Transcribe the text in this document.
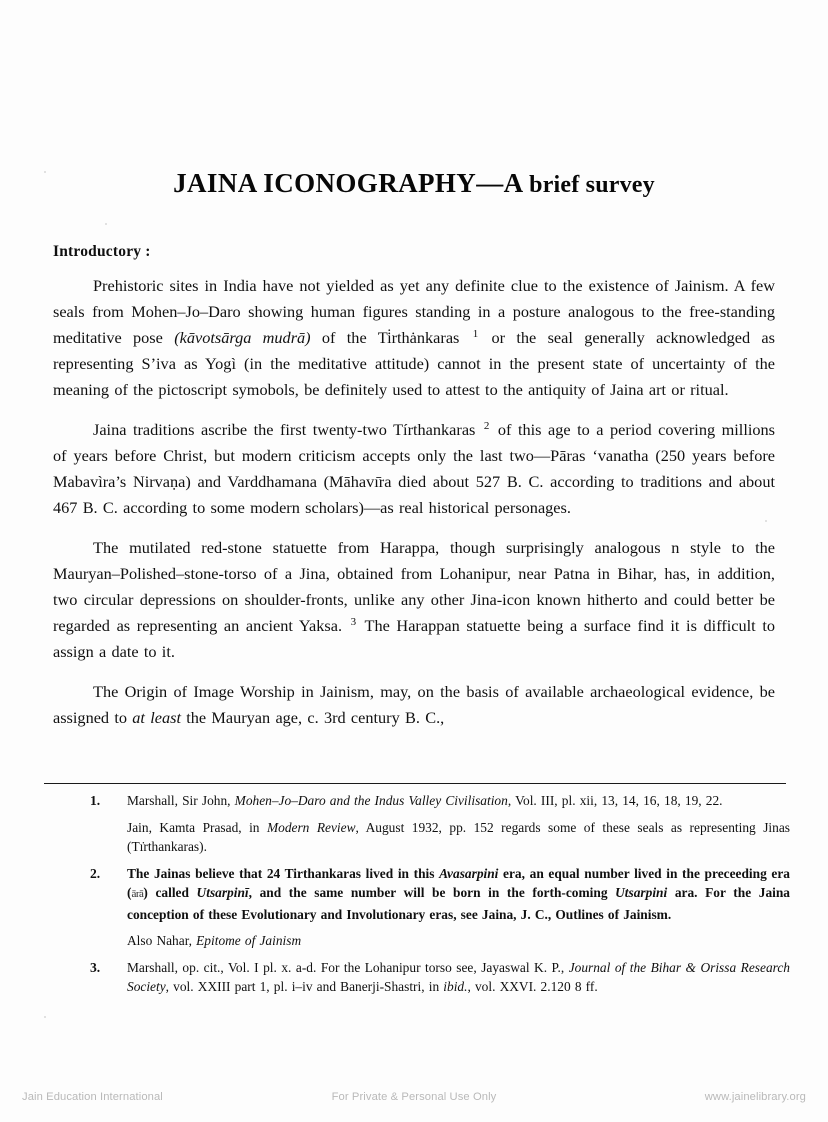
JAINA ICONOGRAPHY—A brief survey
Introductory :

Prehistoric sites in India have not yielded as yet any definite clue to the existence of Jainism. A few seals from Mohen–Jo–Daro showing human figures standing in a posture analogous to the free-standing meditative pose (kāvotsārga mudrā) of the Ti̇rthȧnkaras $^1$ or the seal generally acknowledged as representing S’iva as Yogì (in the meditative attitude) cannot in the present state of uncertainty of the meaning of the pictoscript symobols, be definitely used to attest to the antiquity of Jaina art or ritual.

Jaina traditions ascribe the first twenty-two Tírthankaras $^2$ of this age to a period covering millions of years before Christ, but modern criticism accepts only the last two—Pāras ‘vanatha (250 years before Mabavìra’s Nirvaṇa) and Varddhamana (Māhavı̄ra died about 527 B. C. according to traditions and about 467 B. C. according to some modern scholars)—as real historical personages.

The mutilated red-stone statuette from Harappa, though surprisingly analogous n style to the Mauryan–Polished–stone-torso of a Jina, obtained from Lohanipur, near Patna in Bihar, has, in addition, two circular depressions on shoulder-fronts, unlike any other Jina-icon known hitherto and could better be regarded as representing an ancient Yaksa. $^3$ The Harappan statuette being a surface find it is difficult to assign a date to it.

The Origin of Image Worship in Jainism, may, on the basis of available archaeological evidence, be assigned to at least the Mauryan age, c. 3rd century B. C.,

1. Marshall, Sir John, Mohen–Jo–Daro and the Indus Valley Civilisation, Vol. III, pl. xii, 13, 14, 16, 18, 19, 22.
Jain, Kamta Prasad, in Modern Review, August 1932, pp. 152 regards some of these seals as representing Jinas (Tı̇rthankaras).
2. The Jainas believe that 24 Tirthankaras lived in this Avasarpini era, an equal number lived in the preceeding era (ārā) called Utsarpinī, and the same number will be born in the forth-coming Utsarpini ara. For the Jaina conception of these Evolutionary and Involutionary eras, see Jaina, J. C., Outlines of Jainism.
Also Nahar, Epitome of Jainism
3. Marshall, op. cit., Vol. I pl. x. a-d. For the Lohanipur torso see, Jayaswal K. P., Journal of the Bihar & Orissa Research Society, vol. XXIII part 1, pl. i–iv and Banerji-Shastri, in ibid., vol. XXVI. 2.120 8 ff.
Jain Education International	For Private & Personal Use Only	www.jainelibrary.org
